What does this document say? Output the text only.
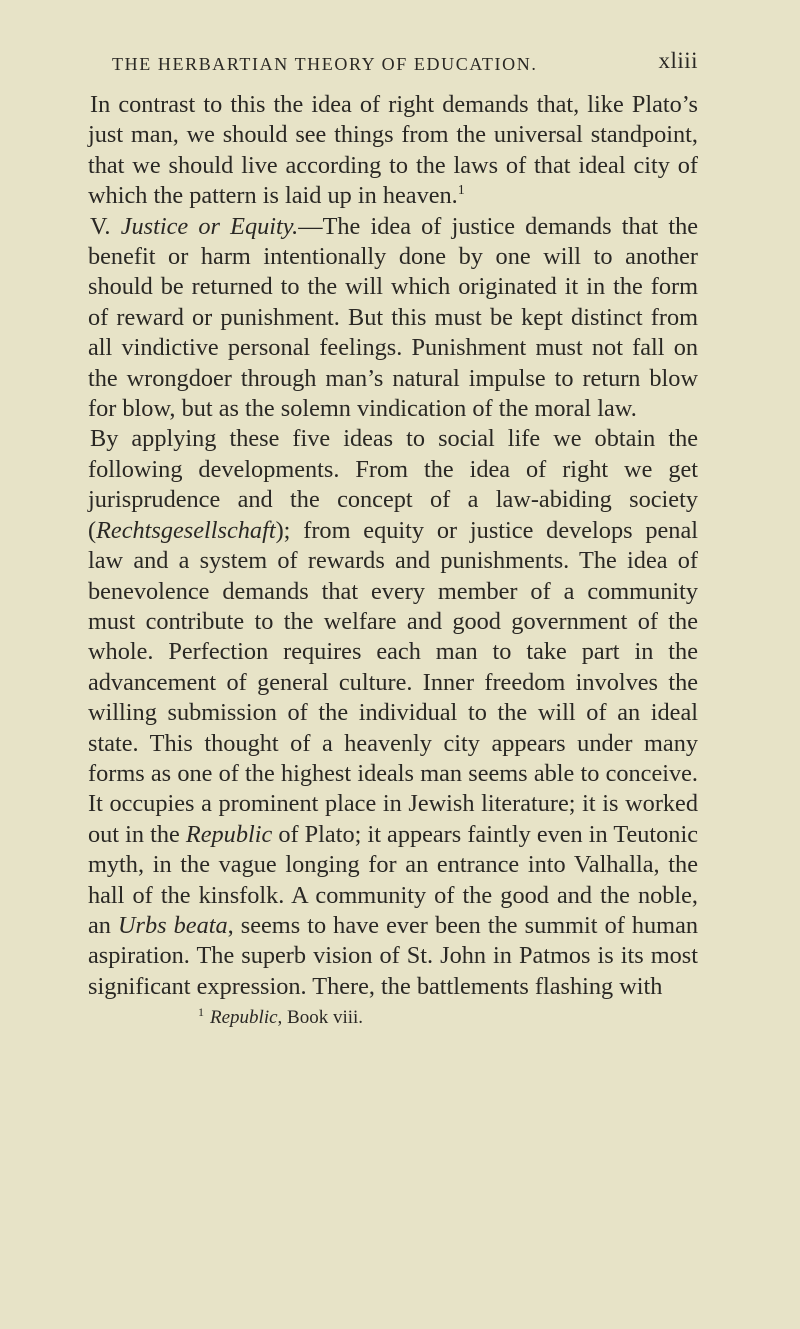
THE HERBARTIAN THEORY OF EDUCATION.	xliii

In contrast to this the idea of right demands that, like Plato’s just man, we should see things from the universal standpoint, that we should live according to the laws of that ideal city of which the pattern is laid up in heaven.$^1$

V. Justice or Equity.—The idea of justice demands that the benefit or harm intentionally done by one will to another should be returned to the will which originated it in the form of reward or punishment. But this must be kept distinct from all vindictive personal feelings. Punishment must not fall on the wrongdoer through man’s natural impulse to return blow for blow, but as the solemn vindication of the moral law.

By applying these five ideas to social life we obtain the following developments. From the idea of right we get jurisprudence and the concept of a law-abiding society (Rechtsgesellschaft); from equity or justice develops penal law and a system of rewards and punishments. The idea of benevolence demands that every member of a community must contribute to the welfare and good government of the whole. Perfection requires each man to take part in the advancement of general culture. Inner freedom involves the willing submission of the individual to the will of an ideal state. This thought of a heavenly city appears under many forms as one of the highest ideals man seems able to conceive. It occupies a prominent place in Jewish literature; it is worked out in the Republic of Plato; it appears faintly even in Teutonic myth, in the vague longing for an entrance into Valhalla, the hall of the kinsfolk. A community of the good and the noble, an Urbs beata, seems to have ever been the summit of human aspiration. The superb vision of St. John in Patmos is its most significant expression. There, the battlements flashing with

$^1$ Republic, Book viii.
